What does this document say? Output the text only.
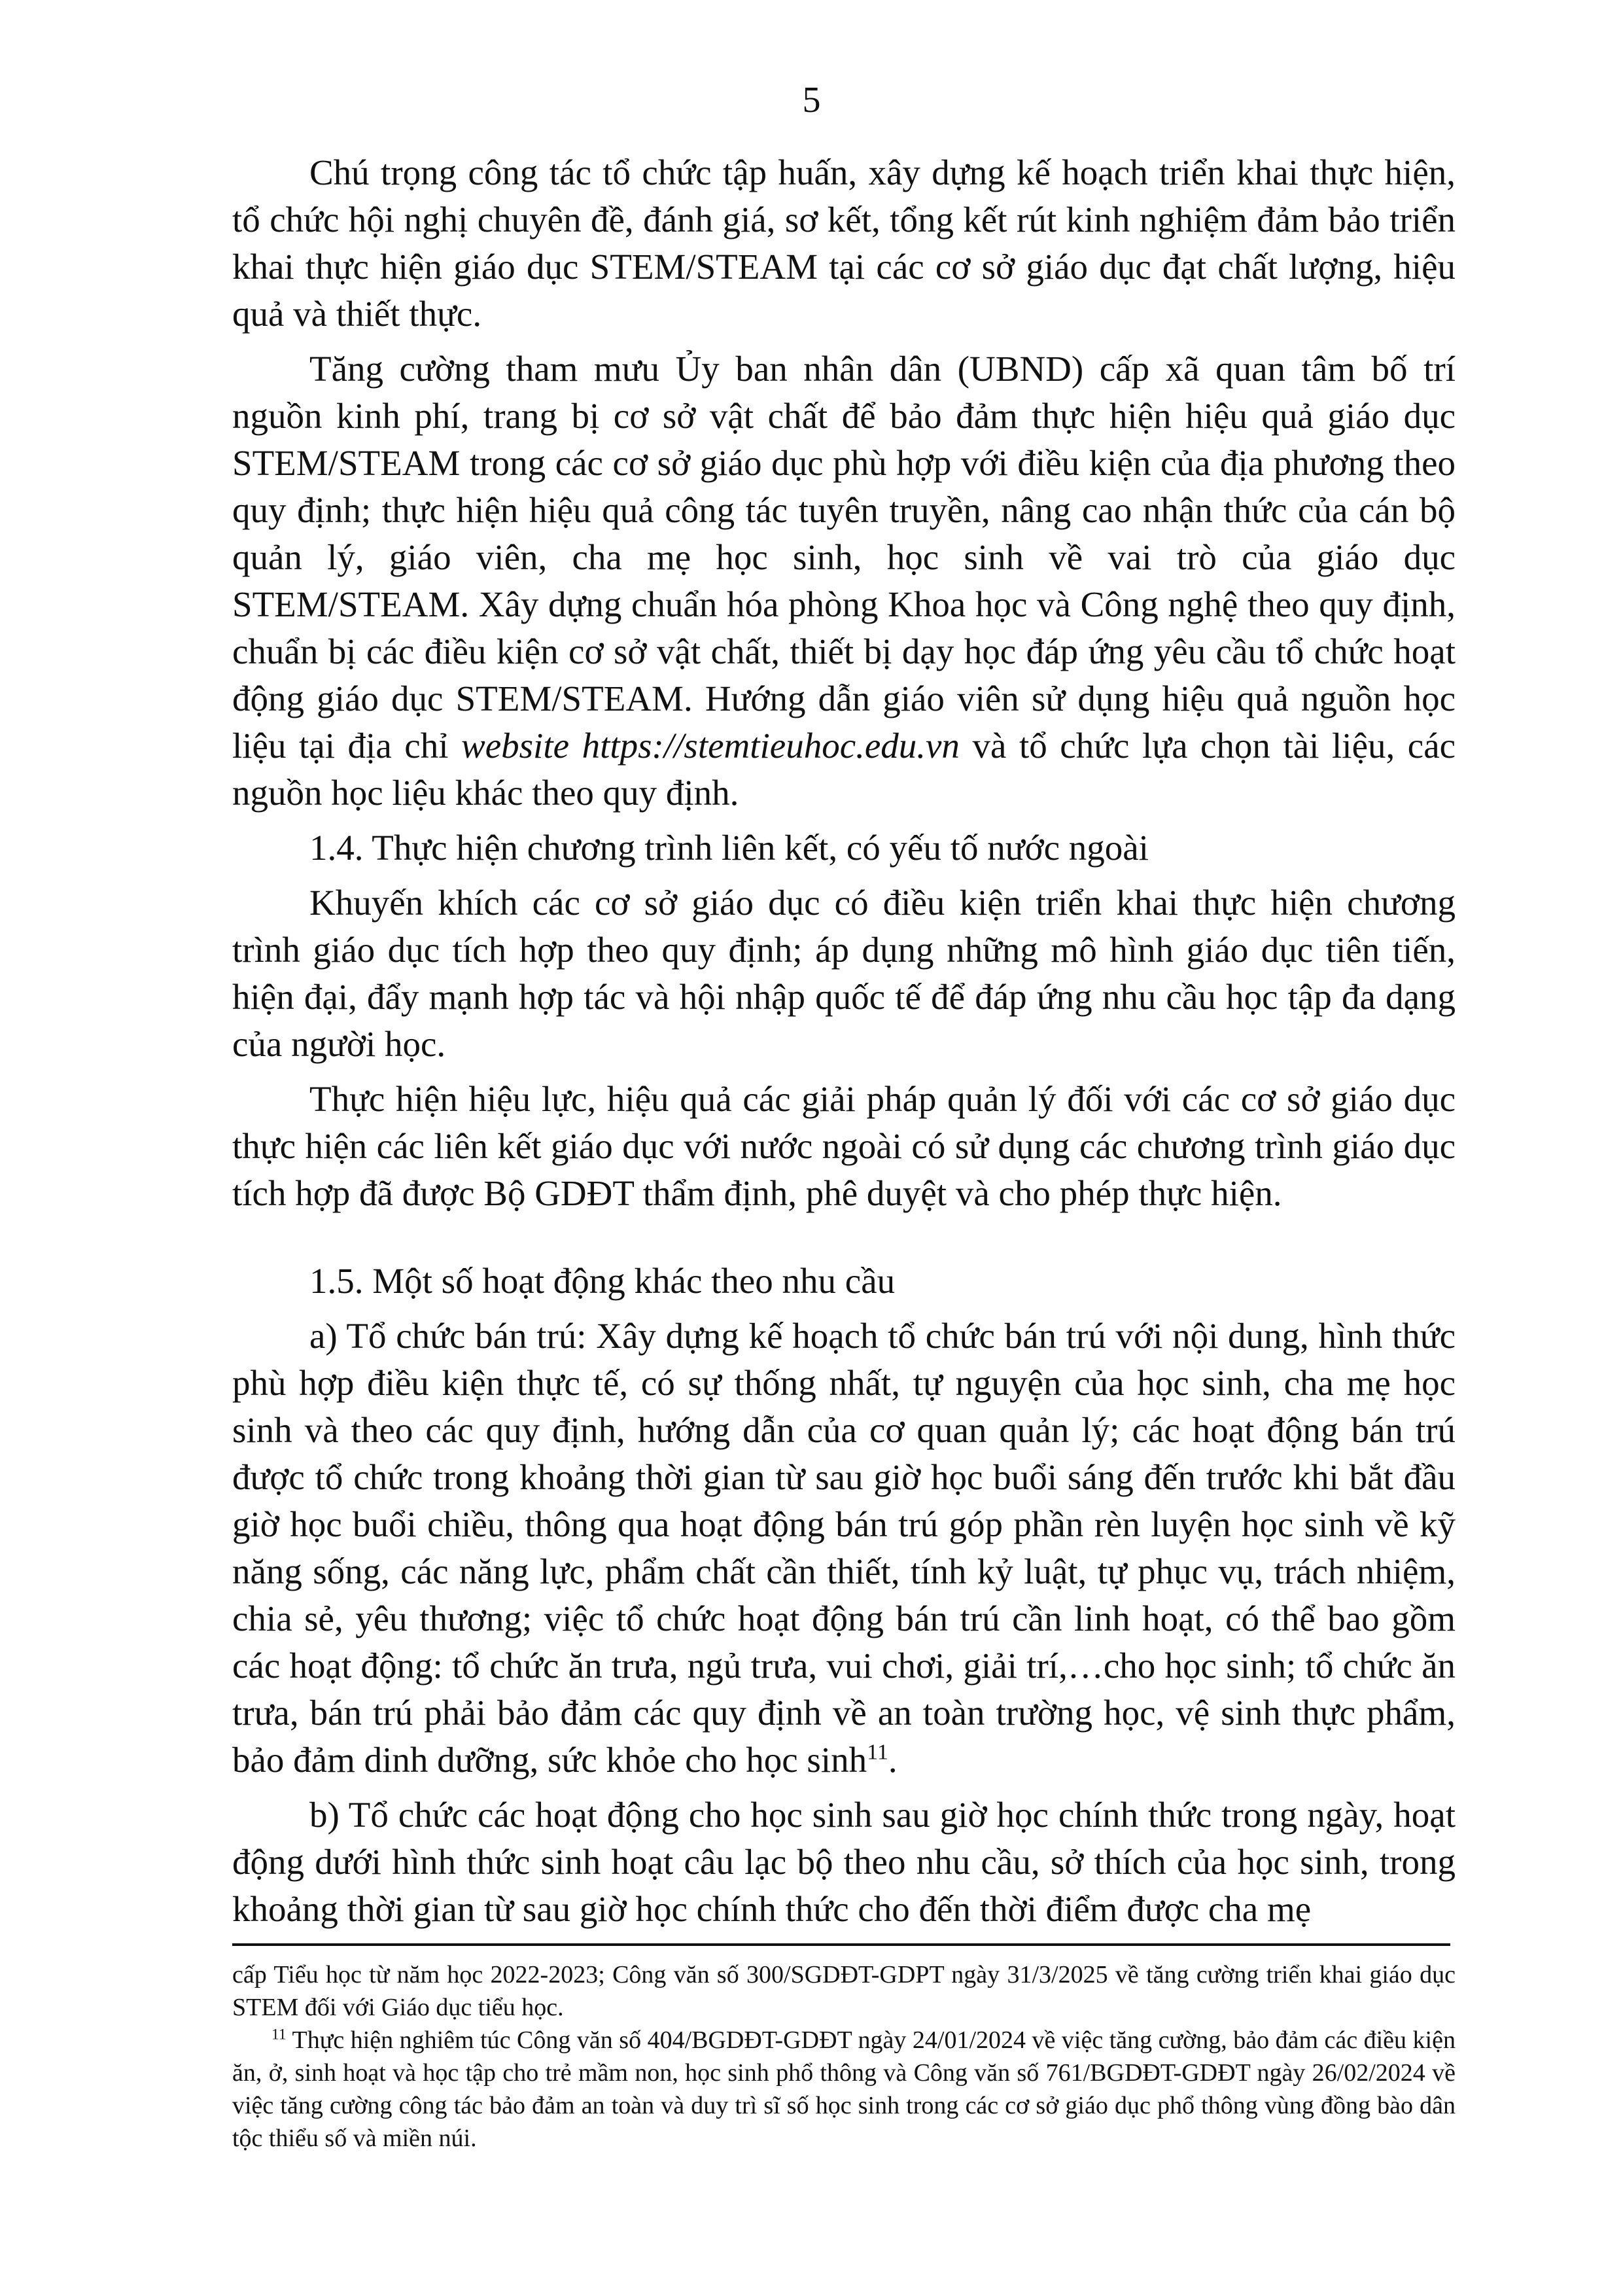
5

Chú trọng công tác tổ chức tập huấn, xây dựng kế hoạch triển khai thực hiện, tổ chức hội nghị chuyên đề, đánh giá, sơ kết, tổng kết rút kinh nghiệm đảm bảo triển khai thực hiện giáo dục STEM/STEAM tại các cơ sở giáo dục đạt chất lượng, hiệu quả và thiết thực.

Tăng cường tham mưu Ủy ban nhân dân (UBND) cấp xã quan tâm bố trí nguồn kinh phí, trang bị cơ sở vật chất để bảo đảm thực hiện hiệu quả giáo dục STEM/STEAM trong các cơ sở giáo dục phù hợp với điều kiện của địa phương theo quy định; thực hiện hiệu quả công tác tuyên truyền, nâng cao nhận thức của cán bộ quản lý, giáo viên, cha mẹ học sinh, học sinh về vai trò của giáo dục STEM/STEAM. Xây dựng chuẩn hóa phòng Khoa học và Công nghệ theo quy định, chuẩn bị các điều kiện cơ sở vật chất, thiết bị dạy học đáp ứng yêu cầu tổ chức hoạt động giáo dục STEM/STEAM. Hướng dẫn giáo viên sử dụng hiệu quả nguồn học liệu tại địa chỉ website https://stemtieuhoc.edu.vn và tổ chức lựa chọn tài liệu, các nguồn học liệu khác theo quy định.

1.4. Thực hiện chương trình liên kết, có yếu tố nước ngoài

Khuyến khích các cơ sở giáo dục có điều kiện triển khai thực hiện chương trình giáo dục tích hợp theo quy định; áp dụng những mô hình giáo dục tiên tiến, hiện đại, đẩy mạnh hợp tác và hội nhập quốc tế để đáp ứng nhu cầu học tập đa dạng của người học.

Thực hiện hiệu lực, hiệu quả các giải pháp quản lý đối với các cơ sở giáo dục thực hiện các liên kết giáo dục với nước ngoài có sử dụng các chương trình giáo dục tích hợp đã được Bộ GDĐT thẩm định, phê duyệt và cho phép thực hiện.

1.5. Một số hoạt động khác theo nhu cầu

a) Tổ chức bán trú: Xây dựng kế hoạch tổ chức bán trú với nội dung, hình thức phù hợp điều kiện thực tế, có sự thống nhất, tự nguyện của học sinh, cha mẹ học sinh và theo các quy định, hướng dẫn của cơ quan quản lý; các hoạt động bán trú được tổ chức trong khoảng thời gian từ sau giờ học buổi sáng đến trước khi bắt đầu giờ học buổi chiều, thông qua hoạt động bán trú góp phần rèn luyện học sinh về kỹ năng sống, các năng lực, phẩm chất cần thiết, tính kỷ luật, tự phục vụ, trách nhiệm, chia sẻ, yêu thương; việc tổ chức hoạt động bán trú cần linh hoạt, có thể bao gồm các hoạt động: tổ chức ăn trưa, ngủ trưa, vui chơi, giải trí,…cho học sinh; tổ chức ăn trưa, bán trú phải bảo đảm các quy định về an toàn trường học, vệ sinh thực phẩm, bảo đảm dinh dưỡng, sức khỏe cho học $\sinh^{11}$.

b) Tổ chức các hoạt động cho học sinh sau giờ học chính thức trong ngày, hoạt động dưới hình thức sinh hoạt câu lạc bộ theo nhu cầu, sở thích của học sinh, trong khoảng thời gian từ sau giờ học chính thức cho đến thời điểm được cha mẹ

cấp Tiểu học từ năm học 2022-2023; Công văn số 300/SGDĐT-GDPT ngày 31/3/2025 về tăng cường triển khai giáo dục STEM đối với Giáo dục tiểu học.

$^{11}$ Thực hiện nghiêm túc Công văn số 404/BGDĐT-GDĐT ngày 24/01/2024 về việc tăng cường, bảo đảm các điều kiện ăn, ở, sinh hoạt và học tập cho trẻ mầm non, học sinh phổ thông và Công văn số 761/BGDĐT-GDĐT ngày 26/02/2024 về việc tăng cường công tác bảo đảm an toàn và duy trì sĩ số học sinh trong các cơ sở giáo dục phổ thông vùng đồng bào dân tộc thiểu số và miền núi.
